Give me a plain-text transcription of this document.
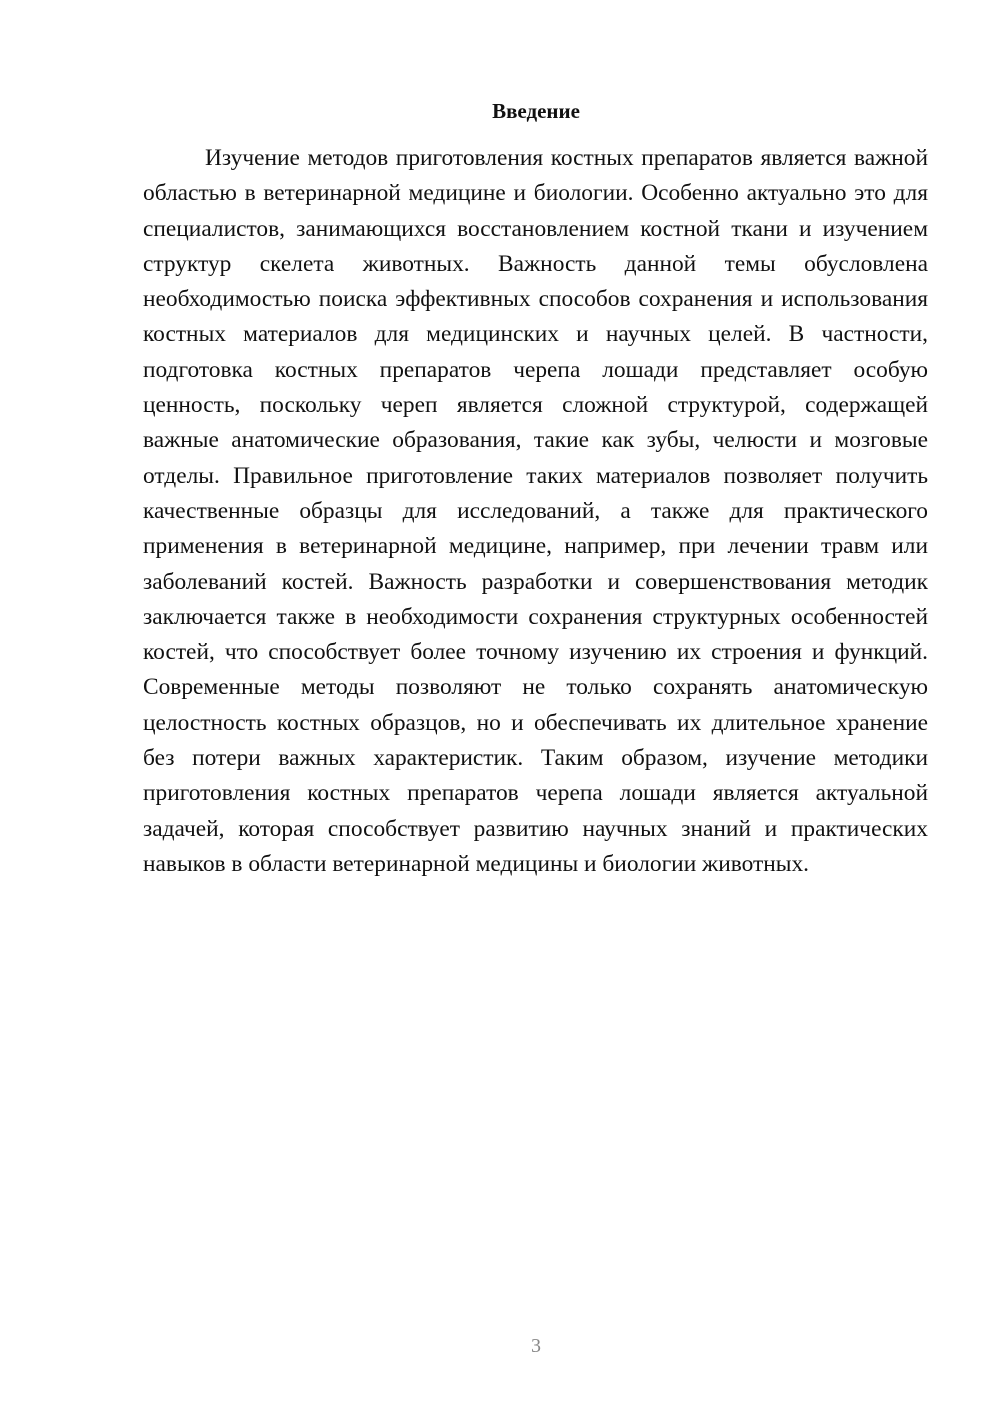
Введение

Изучение методов приготовления костных препаратов является важной областью в ветеринарной медицине и биологии. Особенно актуально это для специалистов, занимающихся восстановлением костной ткани и изучением структур скелета животных. Важность данной темы обусловлена необходимостью поиска эффективных способов сохранения и использования костных материалов для медицинских и научных целей. В частности, подготовка костных препаратов черепа лошади представляет особую ценность, поскольку череп является сложной структурой, содержащей важные анатомические образования, такие как зубы, челюсти и мозговые отделы. Правильное приготовление таких материалов позволяет получить качественные образцы для исследований, а также для практического применения в ветеринарной медицине, например, при лечении травм или заболеваний костей. Важность разработки и совершенствования методик заключается также в необходимости сохранения структурных особенностей костей, что способствует более точному изучению их строения и функций. Современные методы позволяют не только сохранять анатомическую целостность костных образцов, но и обеспечивать их длительное хранение без потери важных характеристик. Таким образом, изучение методики приготовления костных препаратов черепа лошади является актуальной задачей, которая способствует развитию научных знаний и практических навыков в области ветеринарной медицины и биологии животных.

3
